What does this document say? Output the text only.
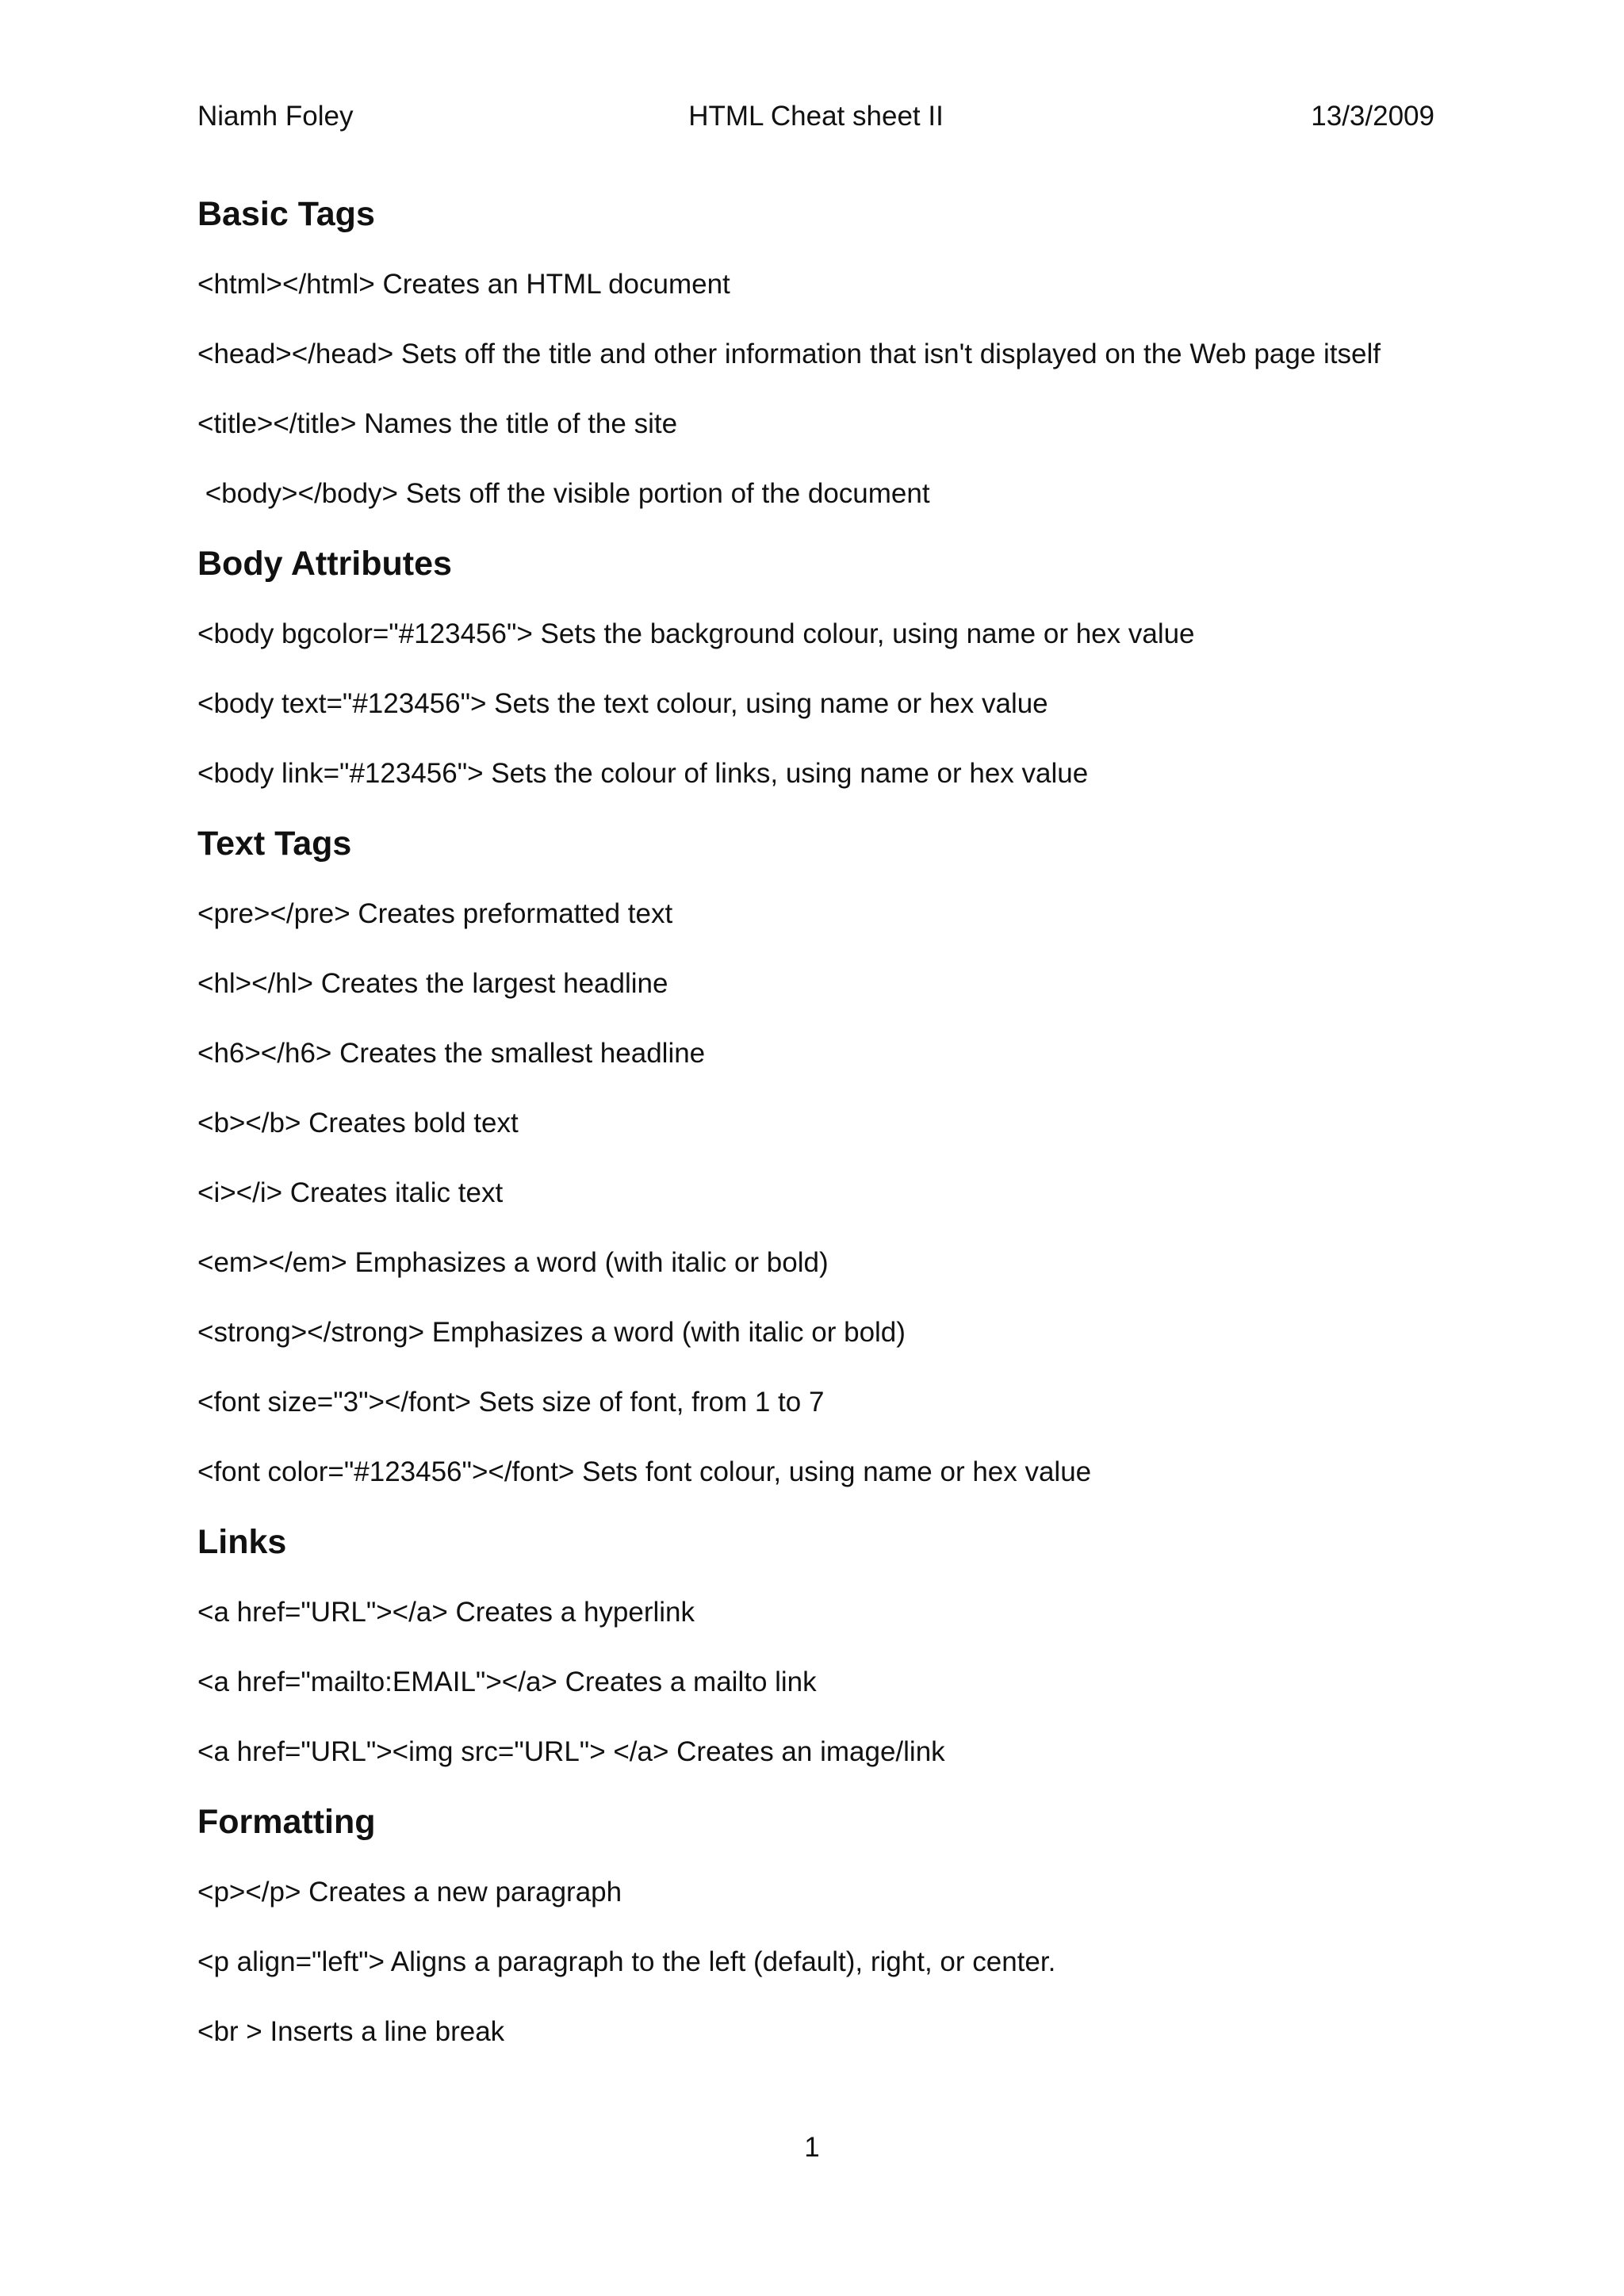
Niamh Foley	HTML Cheat sheet II	13/3/2009
Basic Tags

<html></html> Creates an HTML document

<head></head> Sets off the title and other information that isn't displayed on the Web page itself

<title></title> Names the title of the site

<body></body> Sets off the visible portion of the document

Body Attributes

<body bgcolor="#123456"> Sets the background colour, using name or hex value

<body text="#123456"> Sets the text colour, using name or hex value

<body link="#123456"> Sets the colour of links, using name or hex value

Text Tags

<pre></pre> Creates preformatted text

<hl></hl> Creates the largest headline

<h6></h6> Creates the smallest headline

<b></b> Creates bold text

<i></i> Creates italic text

<em></em> Emphasizes a word (with italic or bold)

<strong></strong> Emphasizes a word (with italic or bold)

<font size="3"></font> Sets size of font, from 1 to 7

<font color="#123456"></font> Sets font colour, using name or hex value

Links

<a href="URL"></a> Creates a hyperlink

<a href="mailto:EMAIL"></a> Creates a mailto link

<a href="URL"><img src="URL"> </a> Creates an image/link

Formatting

<p></p> Creates a new paragraph

<p align="left"> Aligns a paragraph to the left (default), right, or center.

<br > Inserts a line break

1
